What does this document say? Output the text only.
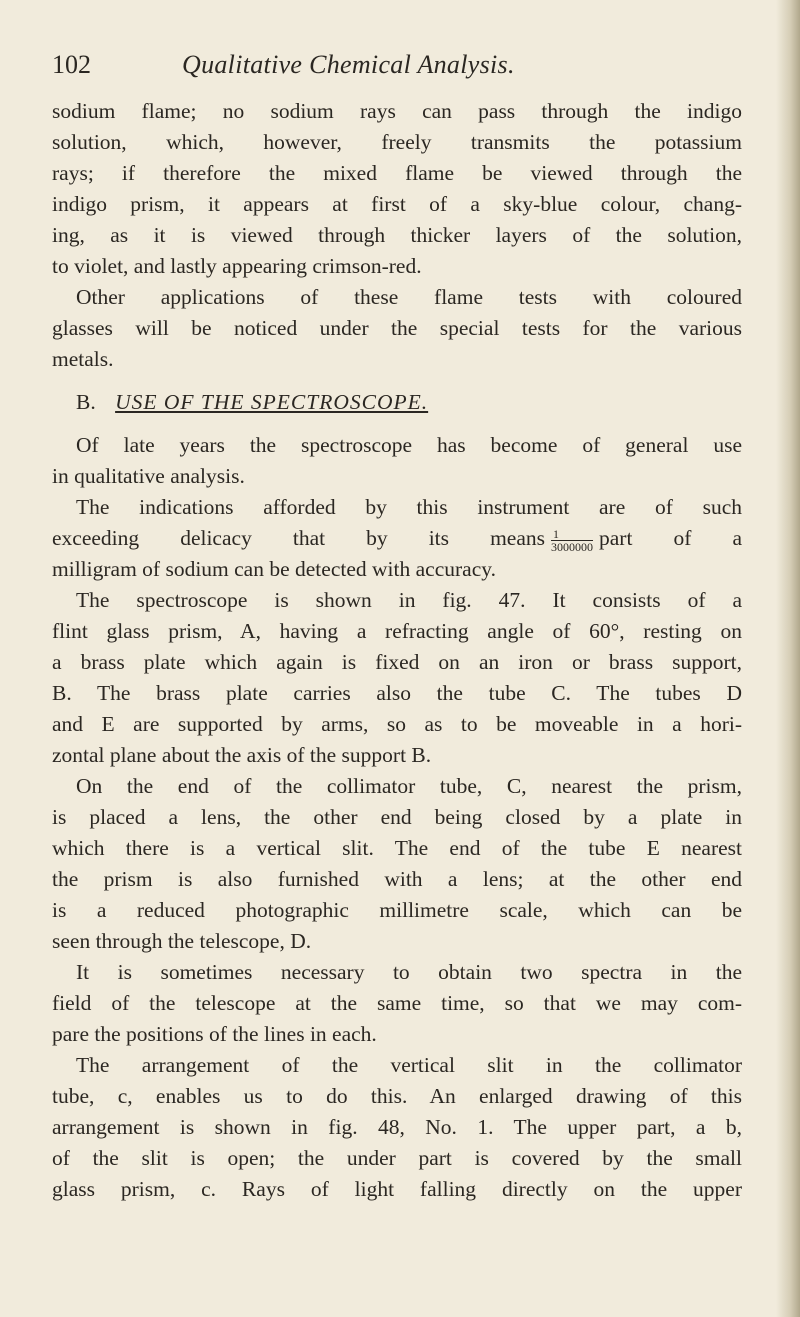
102	Qualitative Chemical Analysis.
sodium flame; no sodium rays can pass through the indigo
solution, which, however, freely transmits the potassium
rays; if therefore the mixed flame be viewed through the
indigo prism, it appears at first of a sky-blue colour, chang-
ing, as it is viewed through thicker layers of the solution,
to violet, and lastly appearing crimson-red.
Other applications of these flame tests with coloured
glasses will be noticed under the special tests for the various
metals.
B. USE OF THE SPECTROSCOPE.
Of late years the spectroscope has become of general use
in qualitative analysis.
The indications afforded by this instrument are of such
exceeding delicacy that by its means $\frac{1}{3000000}$ part of a
milligram of sodium can be detected with accuracy.
The spectroscope is shown in fig. 47. It consists of a
flint glass prism, A, having a refracting angle of 60°, resting on
a brass plate which again is fixed on an iron or brass support,
B. The brass plate carries also the tube C. The tubes D
and E are supported by arms, so as to be moveable in a hori-
zontal plane about the axis of the support B.
On the end of the collimator tube, C, nearest the prism,
is placed a lens, the other end being closed by a plate in
which there is a vertical slit. The end of the tube E nearest
the prism is also furnished with a lens; at the other end
is a reduced photographic millimetre scale, which can be
seen through the telescope, D.
It is sometimes necessary to obtain two spectra in the
field of the telescope at the same time, so that we may com-
pare the positions of the lines in each.
The arrangement of the vertical slit in the collimator
tube, c, enables us to do this. An enlarged drawing of this
arrangement is shown in fig. 48, No. 1. The upper part, a b,
of the slit is open; the under part is covered by the small
glass prism, c. Rays of light falling directly on the upper
